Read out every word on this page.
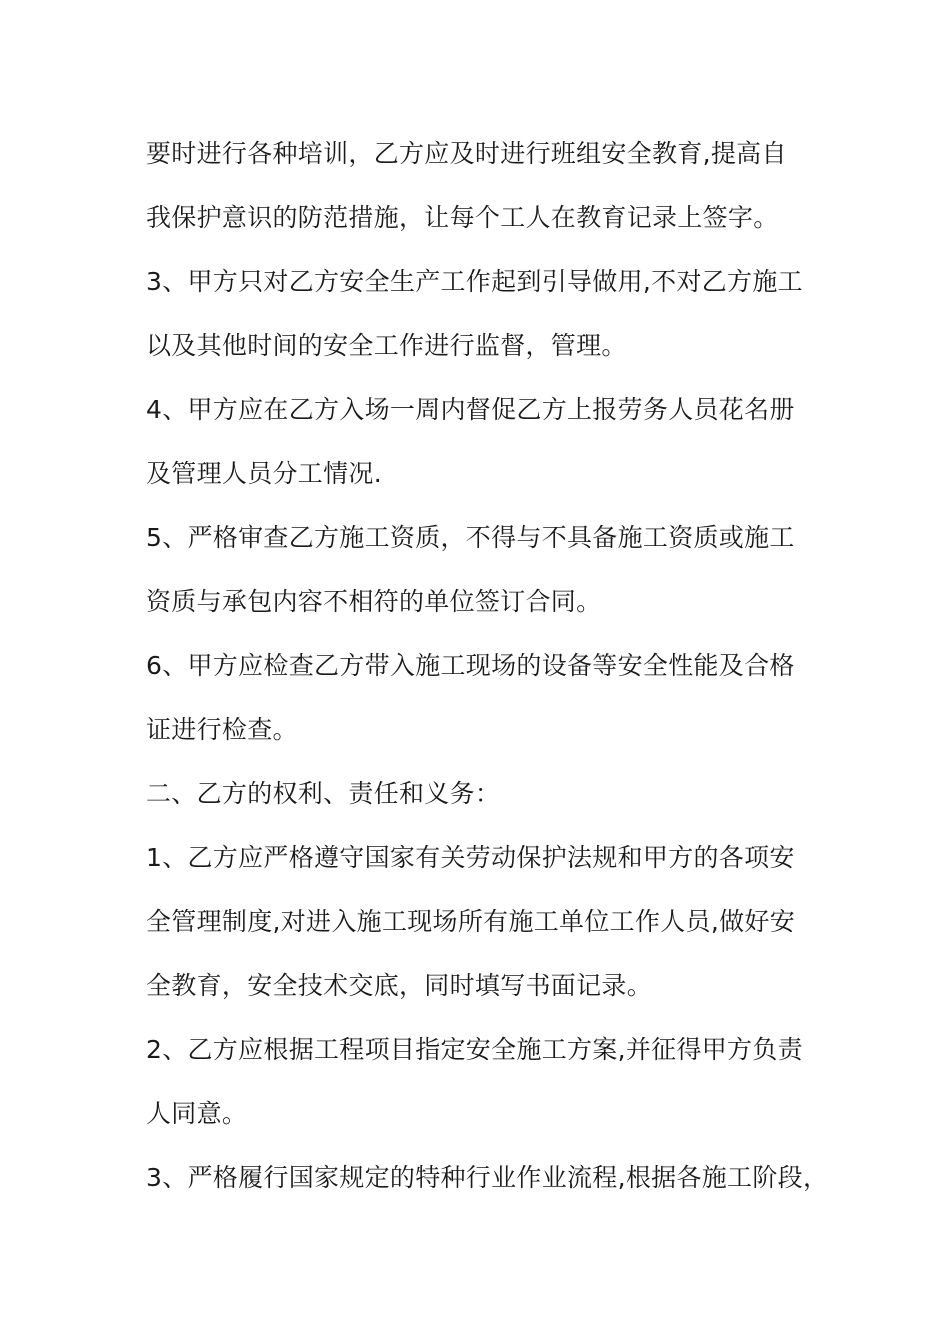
要时进行各种培训，乙方应及时进行班组安全教育,提高自
我保护意识的防范措施，让每个工人在教育记录上签字。
3、甲方只对乙方安全生产工作起到引导做用,不对乙方施工
以及其他时间的安全工作进行监督，管理。
4、甲方应在乙方入场一周内督促乙方上报劳务人员花名册
及管理人员分工情况.
5、严格审查乙方施工资质，不得与不具备施工资质或施工
资质与承包内容不相符的单位签订合同。
6、甲方应检查乙方带入施工现场的设备等安全性能及合格
证进行检查。
二、乙方的权利、责任和义务：
1、乙方应严格遵守国家有关劳动保护法规和甲方的各项安
全管理制度,对进入施工现场所有施工单位工作人员,做好安
全教育，安全技术交底，同时填写书面记录。
2、乙方应根据工程项目指定安全施工方案,并征得甲方负责
人同意。
3、严格履行国家规定的特种行业作业流程,根据各施工阶段，
